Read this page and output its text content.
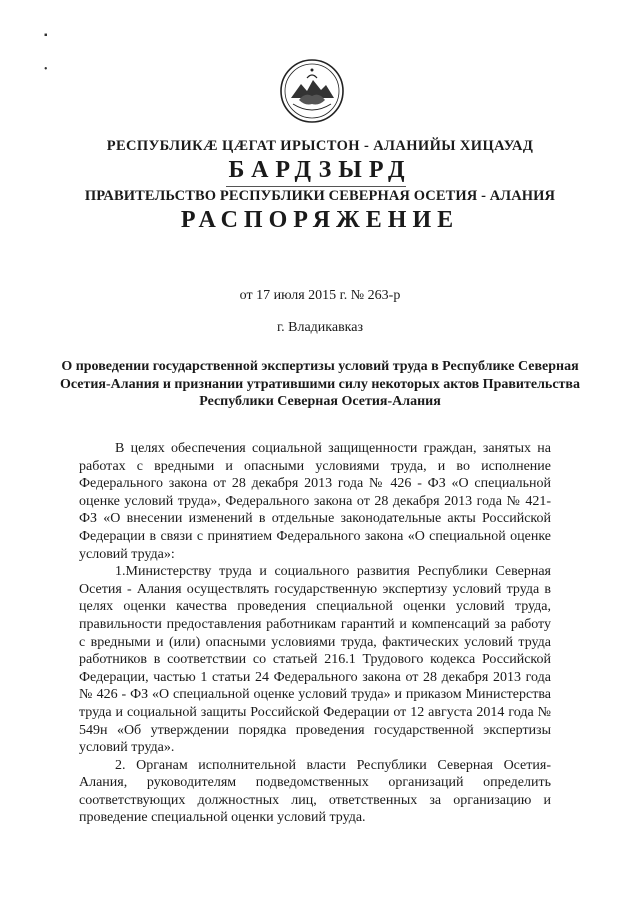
▪
•
РЕСПУБЛИКӔ ЦӔГАТ ИРЫСТОН - АЛАНИЙЫ ХИЦАУАД
БАРДЗЫРД
ПРАВИТЕЛЬСТВО РЕСПУБЛИКИ СЕВЕРНАЯ ОСЕТИЯ - АЛАНИЯ
РАСПОРЯЖЕНИЕ
от 17 июля 2015 г. № 263-р
г. Владикавказ
О проведении государственной экспертизы условий труда в Республике Северная Осетия-Алания и признании утратившими силу некоторых актов Правительства Республики Северная Осетия-Алания

В целях обеспечения социальной защищенности граждан, занятых на работах с вредными и опасными условиями труда, и во исполнение Федерального закона от 28 декабря 2013 года № 426 - ФЗ «О специальной оценке условий труда», Федерального закона от 28 декабря 2013 года № 421-ФЗ «О внесении изменений в отдельные законодательные акты Российской Федерации в связи с принятием Федерального закона «О специальной оценке условий труда»:

1.Министерству труда и социального развития Республики Северная Осетия - Алания осуществлять государственную экспертизу условий труда в целях оценки качества проведения специальной оценки условий труда, правильности предоставления работникам гарантий и компенсаций за работу с вредными и (или) опасными условиями труда, фактических условий труда работников в соответствии со статьей 216.1 Трудового кодекса Российской Федерации, частью 1 статьи 24 Федерального закона от 28 декабря 2013 года № 426 - ФЗ «О специальной оценке условий труда» и приказом Министерства труда и социальной защиты Российской Федерации от 12 августа 2014 года № 549н «Об утверждении порядка проведения государственной экспертизы условий труда».

2. Органам исполнительной власти Республики Северная Осетия-Алания, руководителям подведомственных организаций определить соответствующих должностных лиц, ответственных за организацию и проведение специальной оценки условий труда.
